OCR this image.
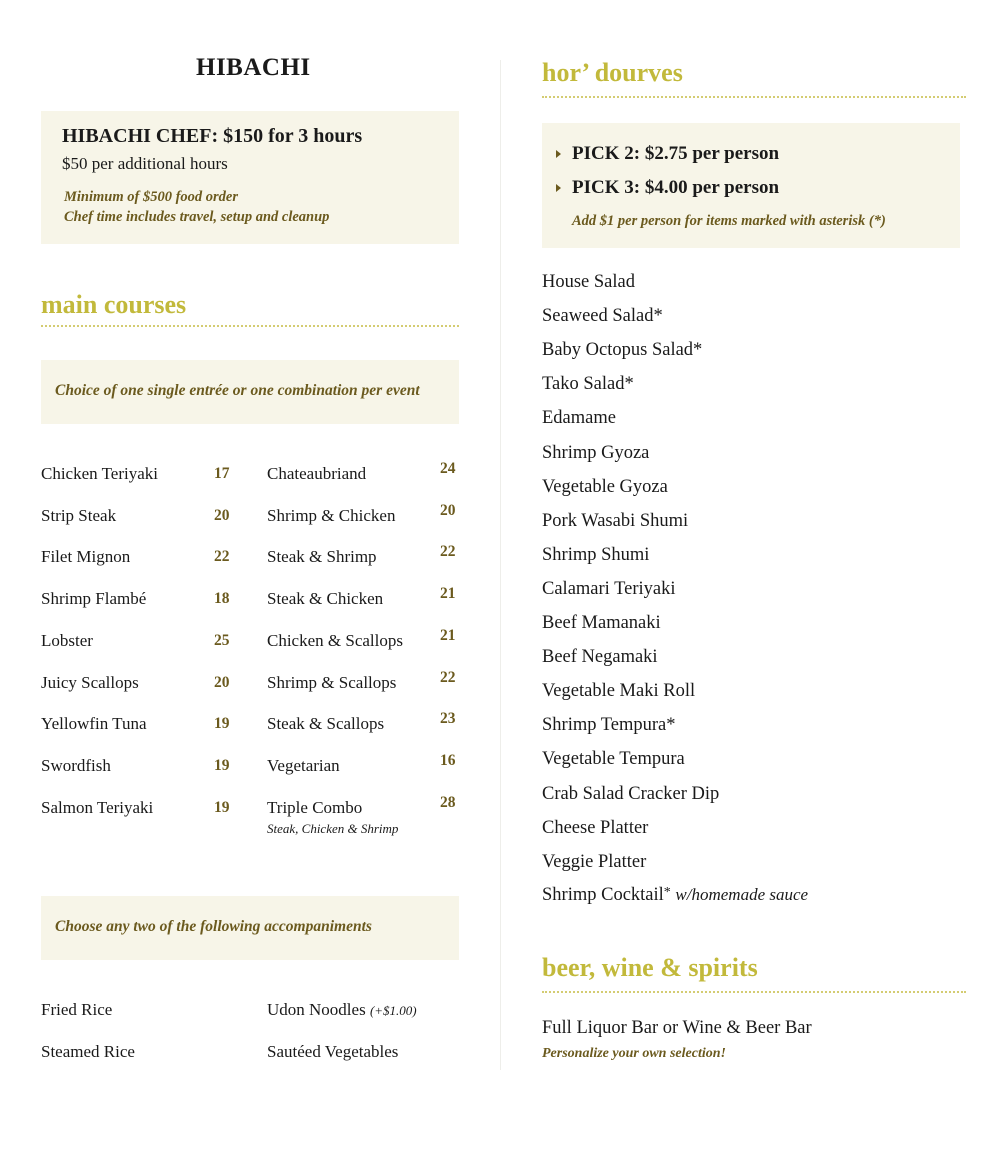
HIBACHI
HIBACHI CHEF: $150 for 3 hours
$50 per additional hours
Minimum of $500 food order
Chef time includes travel, setup and cleanup
main courses
Choice of one single entrée or one combination per event
Chicken Teriyaki	17
Strip Steak	20
Filet Mignon	22
Shrimp Flambé	18
Lobster	25
Juicy Scallops	20
Yellowfin Tuna	19
Swordfish	19
Salmon Teriyaki	19
Chateaubriand	24
Shrimp & Chicken	20
Steak & Shrimp	22
Steak & Chicken	21
Chicken & Scallops 21
Shrimp & Scallops	22
Steak & Scallops	23
Vegetarian	16
Triple Combo	28
Steak, Chicken & Shrimp
Choose any two of the following accompaniments
Fried Rice
Steamed Rice
Udon Noodles (+$1.00)
Sautéed Vegetables
hor’ dourves
PICK 2: $2.75 per person
PICK 3: $4.00 per person
Add $1 per person for items marked with asterisk (*)
House Salad
Seaweed Salad*
Baby Octopus Salad*
Tako Salad*
Edamame
Shrimp Gyoza
Vegetable Gyoza
Pork Wasabi Shumi
Shrimp Shumi
Calamari Teriyaki
Beef Mamanaki
Beef Negamaki
Vegetable Maki Roll
Shrimp Tempura*
Vegetable Tempura
Crab Salad Cracker Dip
Cheese Platter
Veggie Platter
Shrimp Cocktail* w/homemade sauce
beer, wine & spirits
Full Liquor Bar or Wine & Beer Bar
Personalize your own selection!
